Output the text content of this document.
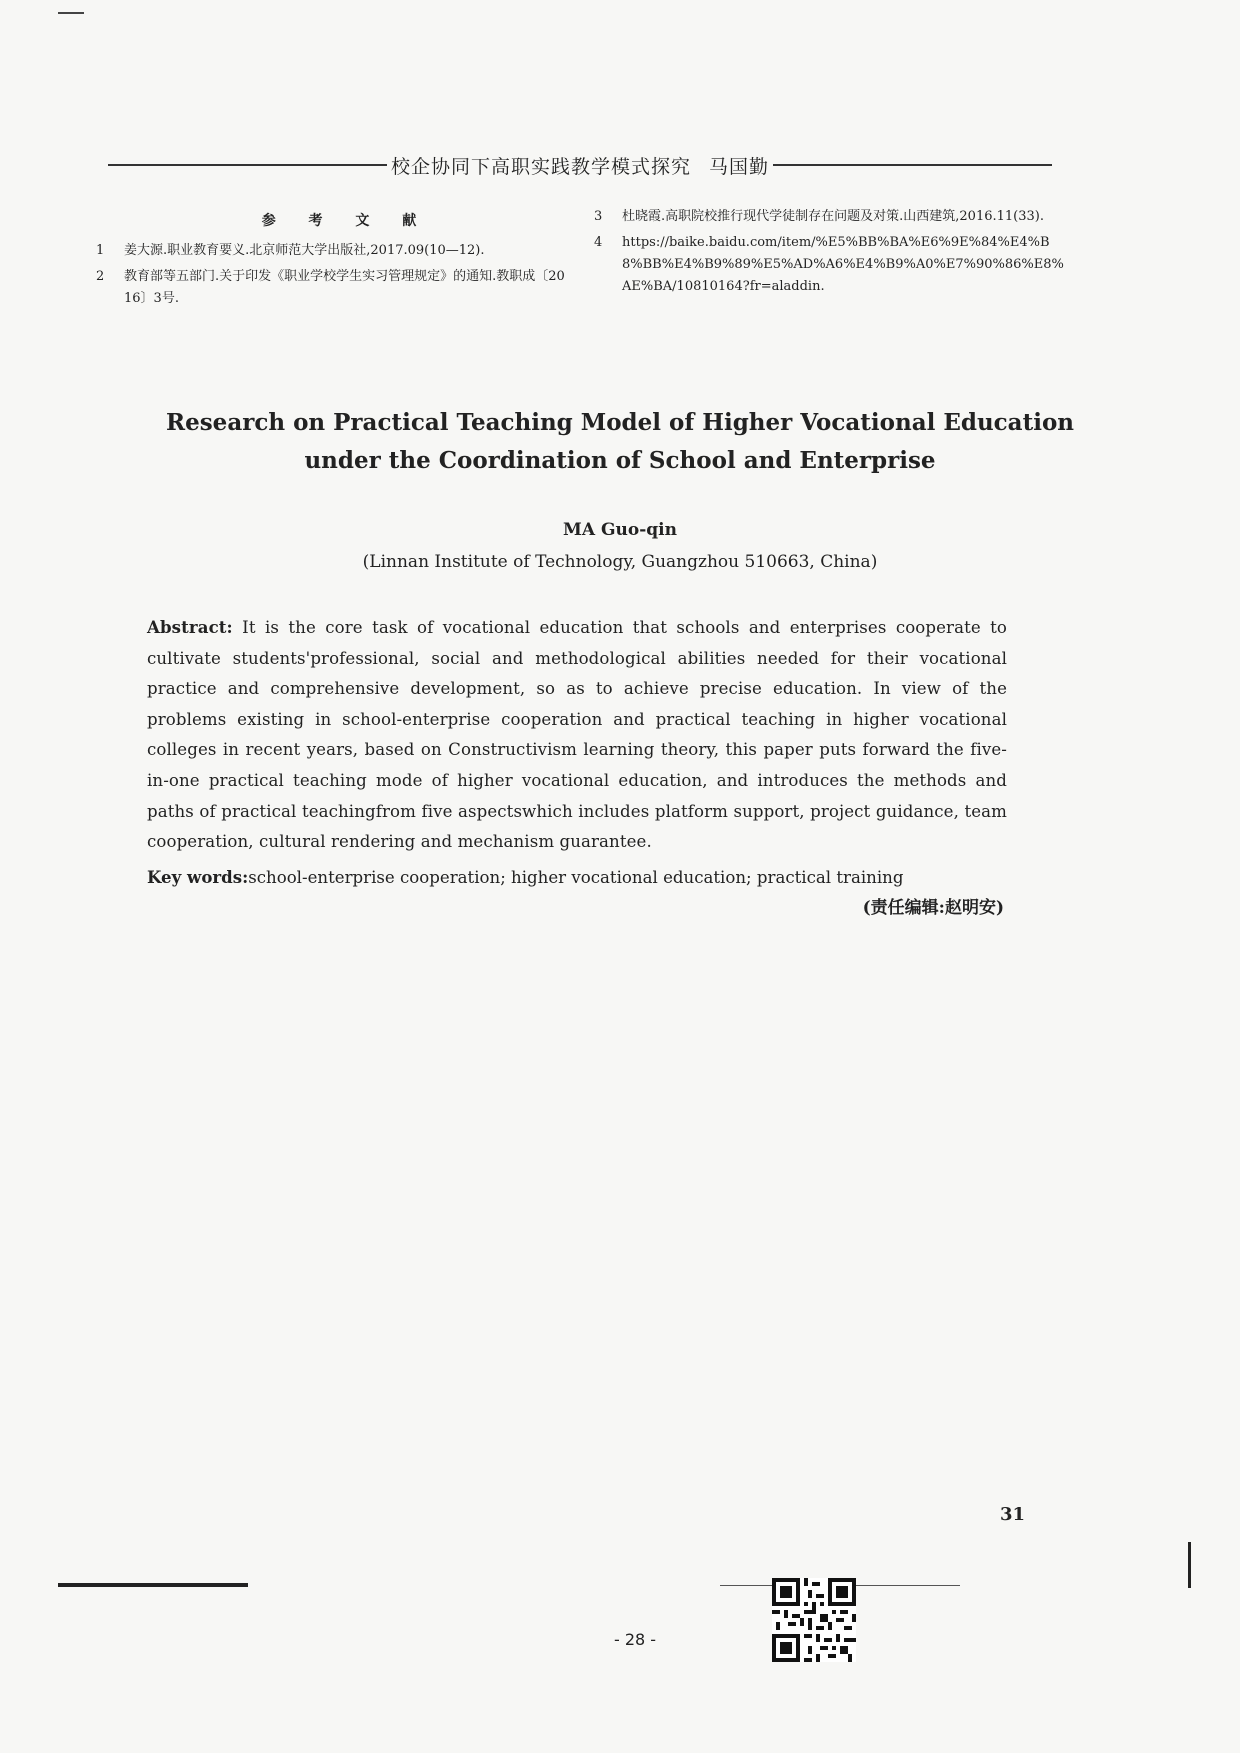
校企协同下高职实践教学模式探究 马国勤
参 考 文 献
1	姜大源.职业教育要义.北京师范大学出版社,2017.09(10—12).
2	教育部等五部门.关于印发《职业学校学生实习管理规定》的通知.教职成〔2016〕3号.
3	杜晓霞.高职院校推行现代学徒制存在问题及对策.山西建筑,2016.11(33).
4	https://baike.baidu.com/item/%E5%BB%BA%E6%9E%84%E4%B8%BB%E4%B9%89%E5%AD%A6%E4%B9%A0%E7%90%86%E8%AE%BA/10810164?fr=aladdin.
Research on Practical Teaching Model of Higher Vocational Education
under the Coordination of School and Enterprise
MA Guo-qin
(Linnan Institute of Technology, Guangzhou 510663, China)
Abstract: It is the core task of vocational education that schools and enterprises cooperate to cultivate students'professional, social and methodological abilities needed for their vocational practice and comprehensive development, so as to achieve precise education. In view of the problems existing in school-enterprise cooperation and practical teaching in higher vocational colleges in recent years, based on Constructivism learning theory, this paper puts forward the five-in-one practical teaching mode of higher vocational education, and introduces the methods and paths of practical teachingfrom five aspectswhich includes platform support, project guidance, team cooperation, cultural rendering and mechanism guarantee.
Key words:school-enterprise cooperation; higher vocational education; practical training
(责任编辑:赵明安)
31
- 28 -
